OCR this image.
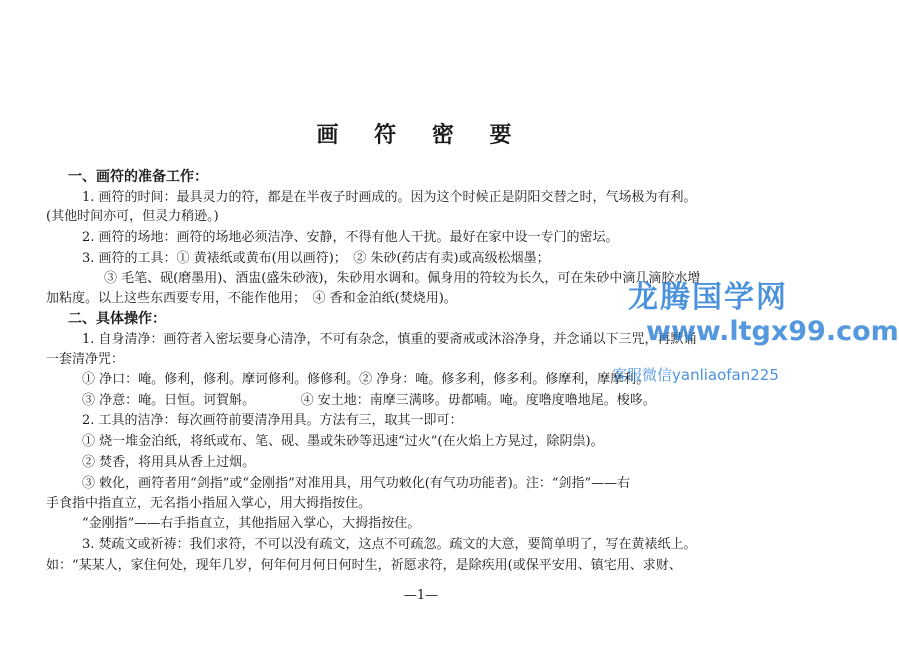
画 符 密 要
一、画符的准备工作：
1. 画符的时间：最具灵力的符，都是在半夜子时画成的。因为这个时候正是阴阳交替之时，气场极为有利。
(其他时间亦可，但灵力稍逊。)
2. 画符的场地：画符的场地必须洁净、安静，不得有他人干扰。最好在家中设一专门的密坛。
3. 画符的工具：① 黄裱纸或黄布(用以画符)；　② 朱砂(药店有卖)或高级松烟墨；
③ 毛笔、砚(磨墨用)、酒盅(盛朱砂液)，朱砂用水调和。佩身用的符较为长久，可在朱砂中滴几滴胶水增
加粘度。以上这些东西要专用，不能作他用；　④ 香和金泊纸(焚烧用)。
二、具体操作：
1. 自身清净：画符者入密坛要身心清净，不可有杂念，慎重的要斋戒或沐浴净身，并念诵以下三咒，再默诵
一套清净咒：
① 净口：唵。修利，修利。摩诃修利。修修利。② 净身：唵。修多利，修多利。修摩利，摩摩利。
③ 净意：唵。日恒。诃賀斛。　　　　④ 安土地：南摩三满哆。毋都喃。唵。度噜度噜地尾。梭哆。
2. 工具的洁净：每次画符前要清净用具。方法有三，取其一即可：
① 烧一堆金泊纸，将纸或布、笔、砚、墨或朱砂等迅速“过火”(在火焰上方晃过，除阴祟)。
② 焚香，将用具从香上过烟。
③ 敕化，画符者用“剑指”或“金刚指”对准用具，用气功敕化(有气功功能者)。注：“剑指”——右
手食指中指直立，无名指小指屈入掌心，用大拇指按住。
“金刚指”——右手指直立，其他指屈入掌心，大拇指按住。
3. 焚疏文或祈祷：我们求符，不可以没有疏文，这点不可疏忽。疏文的大意，要简单明了，写在黄裱纸上。
如：“某某人，家住何处，现年几岁，何年何月何日何时生，祈愿求符，是除疾用(或保平安用、镇宅用、求财、
—1—
龙腾国学网
www.ltgx99.com
客服微信yanliaofan225
